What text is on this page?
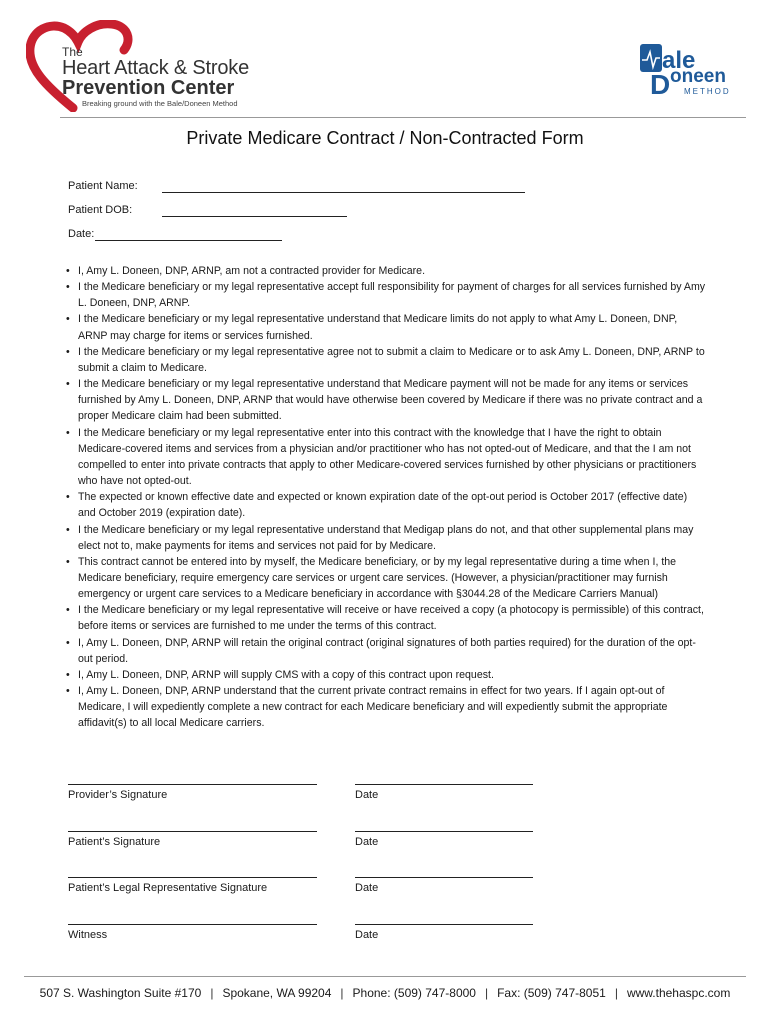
The
Heart Attack & Stroke
Prevention Center
Breaking ground with the Bale/Doneen Method
ale
D oneen
METHOD
Private Medicare Contract / Non-Contracted Form
Patient Name:
Patient DOB:
Date:
• I, Amy L. Doneen, DNP, ARNP, am not a contracted provider for Medicare.
• I the Medicare beneficiary or my legal representative accept full responsibility for payment of charges for all services furnished by Amy L. Doneen, DNP, ARNP.
• I the Medicare beneficiary or my legal representative understand that Medicare limits do not apply to what Amy L. Doneen, DNP, ARNP may charge for items or services furnished.
• I the Medicare beneficiary or my legal representative agree not to submit a claim to Medicare or to ask Amy L. Doneen, DNP, ARNP to submit a claim to Medicare.
• I the Medicare beneficiary or my legal representative understand that Medicare payment will not be made for any items or services furnished by Amy L. Doneen, DNP, ARNP that would have otherwise been covered by Medicare if there was no private contract and a proper Medicare claim had been submitted.
• I the Medicare beneficiary or my legal representative enter into this contract with the knowledge that I have the right to obtain Medicare-covered items and services from a physician and/or practitioner who has not opted-out of Medicare, and that the I am not compelled to enter into private contracts that apply to other Medicare-covered services furnished by other physicians or practitioners who have not opted-out.
• The expected or known effective date and expected or known expiration date of the opt-out period is October 2017 (effective date) and October 2019 (expiration date).
• I the Medicare beneficiary or my legal representative understand that Medigap plans do not, and that other supplemental plans may elect not to, make payments for items and services not paid for by Medicare.
• This contract cannot be entered into by myself, the Medicare beneficiary, or by my legal representative during a time when I, the Medicare beneficiary, require emergency care services or urgent care services. (However, a physician/practitioner may furnish emergency or urgent care services to a Medicare beneficiary in accordance with §3044.28 of the Medicare Carriers Manual)
• I the Medicare beneficiary or my legal representative will receive or have received a copy (a photocopy is permissible) of this contract, before items or services are furnished to me under the terms of this contract.
• I, Amy L. Doneen, DNP, ARNP will retain the original contract (original signatures of both parties required) for the duration of the opt-out period.
• I, Amy L. Doneen, DNP, ARNP will supply CMS with a copy of this contract upon request.
• I, Amy L. Doneen, DNP, ARNP understand that the current private contract remains in effect for two years. If I again opt-out of Medicare, I will expediently complete a new contract for each Medicare beneficiary and will expediently submit the appropriate affidavit(s) to all local Medicare carriers.
Provider’s Signature	Date
Patient’s Signature	Date
Patient’s Legal Representative Signature	Date
Witness	Date
507 S. Washington Suite #170 | Spokane, WA 99204 | Phone: (509) 747-8000 | Fax: (509) 747-8051 | www.thehaspc.com
